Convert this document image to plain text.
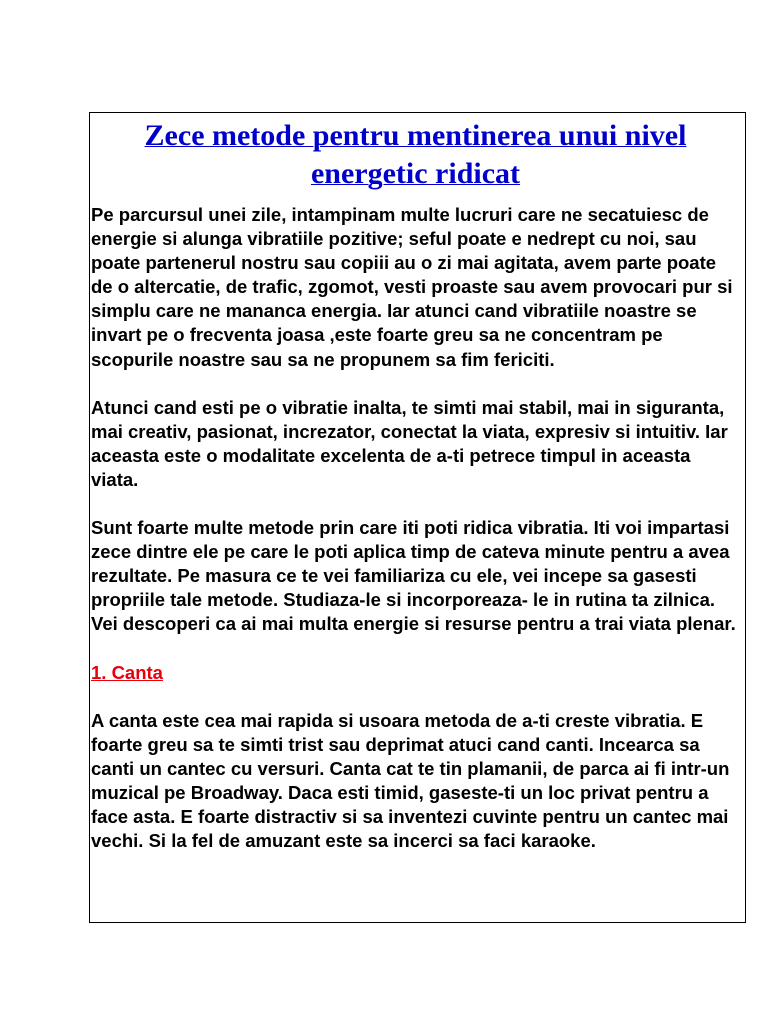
Zece metode pentru mentinerea unui nivel energetic ridicat

Pe parcursul unei zile, intampinam multe lucruri care ne secatuiesc de energie si alunga vibratiile pozitive; seful poate e nedrept cu noi, sau poate partenerul nostru sau copiii au o zi mai agitata, avem parte poate de o altercatie, de trafic, zgomot, vesti proaste sau avem provocari pur si simplu care ne mananca energia. Iar atunci cand vibratiile noastre se invart pe o frecventa joasa ,este foarte greu sa ne concentram pe scopurile noastre sau sa ne propunem sa fim fericiti.

Atunci cand esti pe o vibratie inalta, te simti mai stabil, mai in siguranta, mai creativ, pasionat, increzator, conectat la viata, expresiv si intuitiv. Iar aceasta este o modalitate excelenta de a-ti petrece timpul in aceasta viata.

Sunt foarte multe metode prin care iti poti ridica vibratia. Iti voi impartasi zece dintre ele pe care le poti aplica timp de cateva minute pentru a avea rezultate. Pe masura ce te vei familiariza cu ele, vei incepe sa gasesti propriile tale metode. Studiaza-le si incorporeaza- le in rutina ta zilnica. Vei descoperi ca ai mai multa energie si resurse pentru a trai viata plenar.

1. Canta

A canta este cea mai rapida si usoara metoda de a-ti creste vibratia. E foarte greu sa te simti trist sau deprimat atuci cand canti. Incearca sa canti un cantec cu versuri. Canta cat te tin plamanii, de parca ai fi intr-un muzical pe Broadway. Daca esti timid, gaseste-ti un loc privat pentru a face asta. E foarte distractiv si sa inventezi cuvinte pentru un cantec mai vechi. Si la fel de amuzant este sa incerci sa faci karaoke.
